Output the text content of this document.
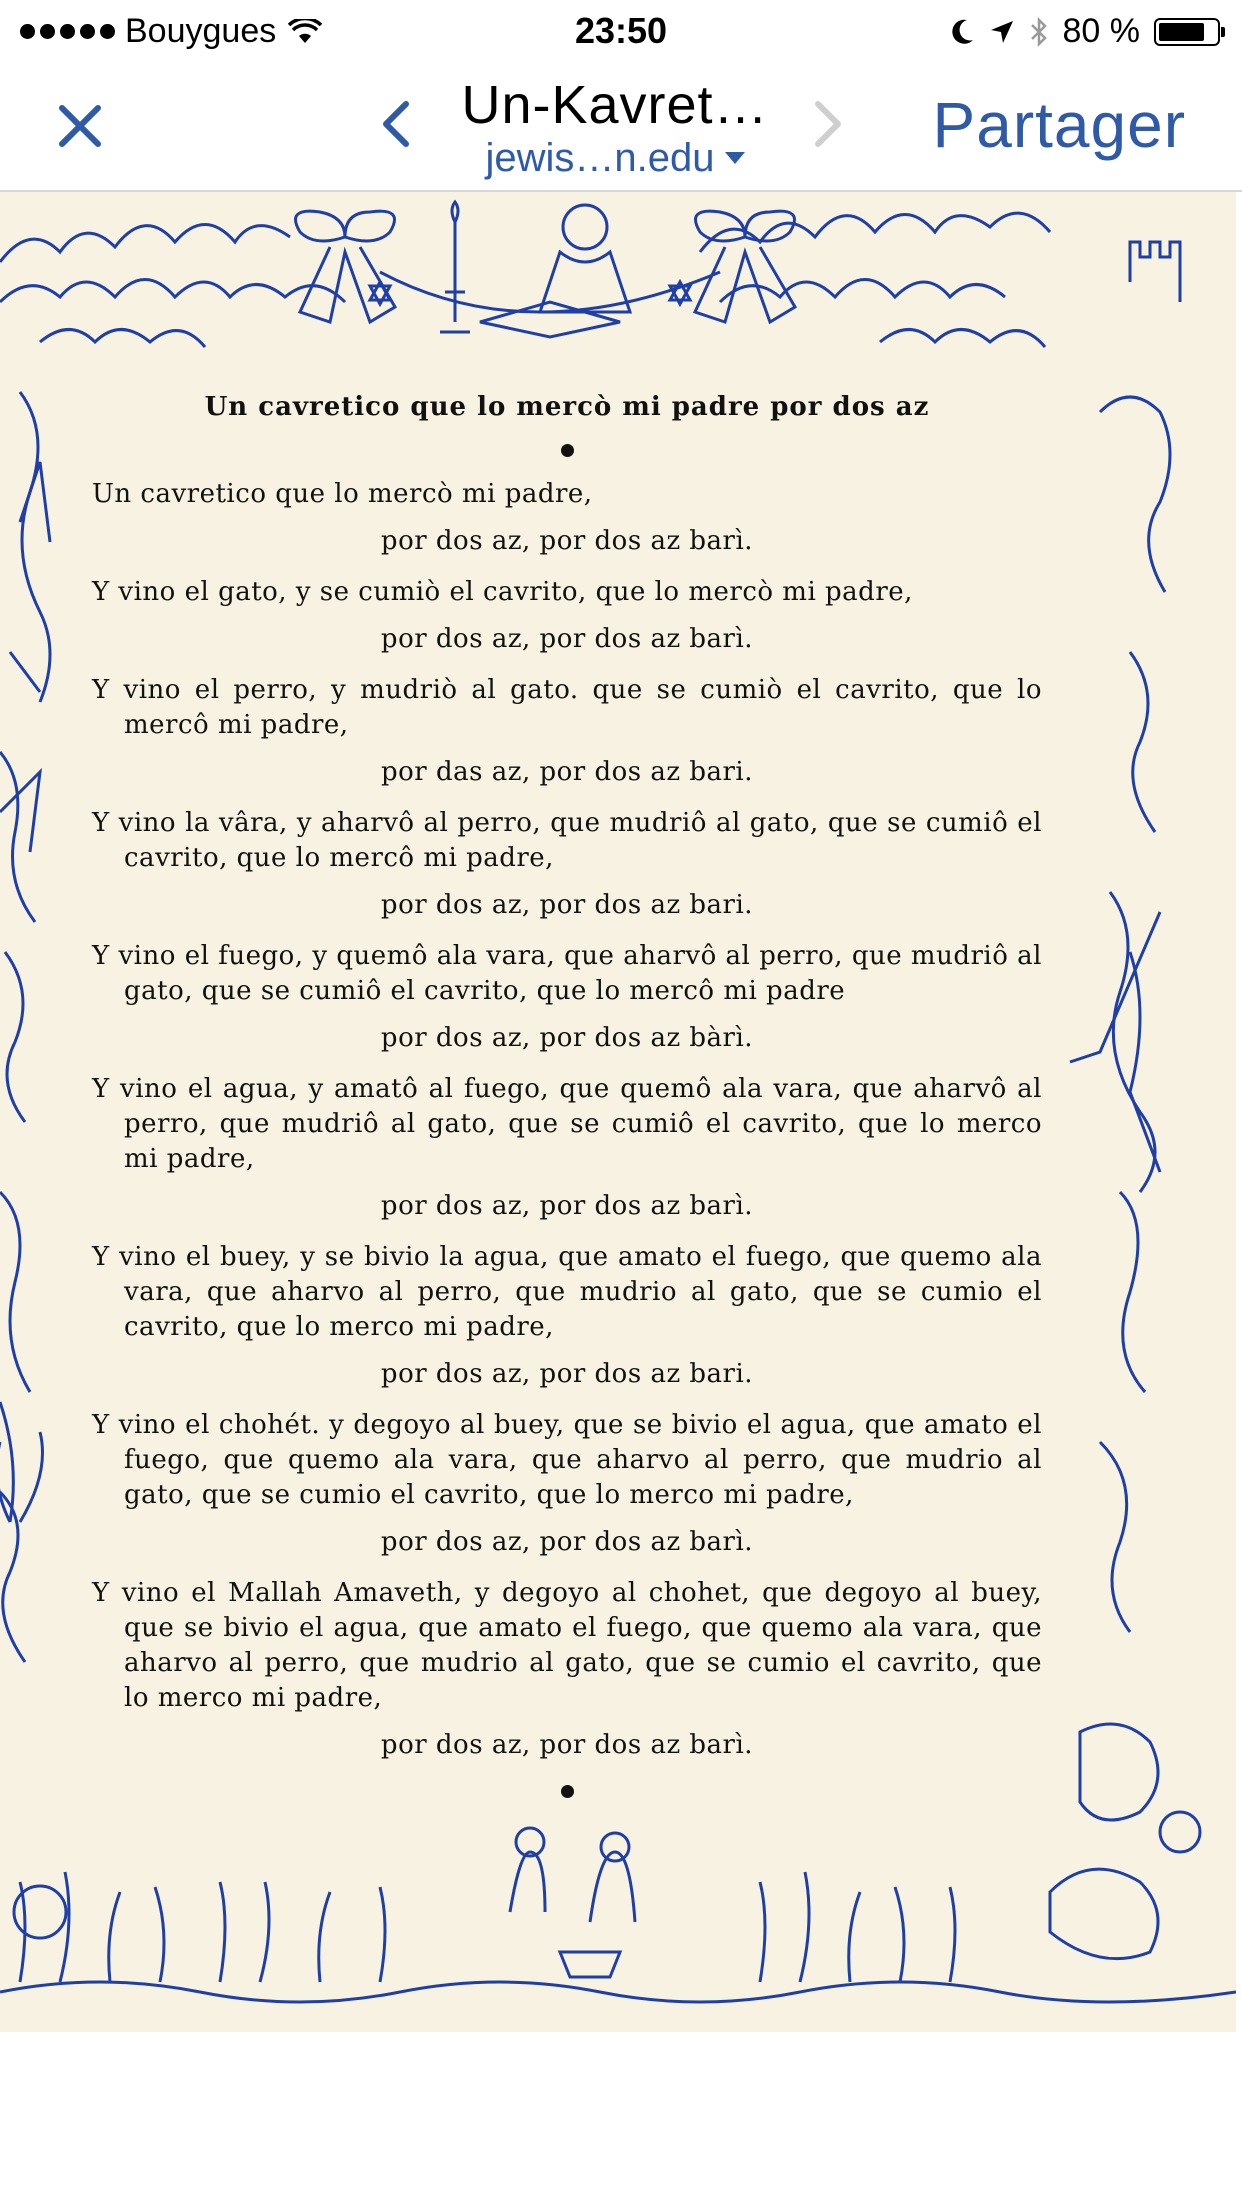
Bouygues	23:50	80 %
Un-Kavret…
jewis…n.edu	Partager
Un cavretico que lo mercò mi padre por dos az
Un cavretico que lo mercò mi padre,
por dos az, por dos az barì.
Y vino el gato, y se cumiò el cavrito, que lo mercò mi padre,
por dos az, por dos az barì.
Y vino el perro, y mudriò al gato. que se cumiò el cavrito, que lo mercô mi padre,
por das az, por dos az bari.
Y vino la vâra, y aharvô al perro, que mudriô al gato, que se cumiô el cavrito, que lo mercô mi padre,
por dos az, por dos az bari.
Y vino el fuego, y quemô ala vara, que aharvô al perro, que mudriô al gato, que se cumiô el cavrito, que lo mercô mi padre
por dos az, por dos az bàrì.
Y vino el agua, y amatô al fuego, que quemô ala vara, que aharvô al perro, que mudriô al gato, que se cumiô el cavrito, que lo merco mi padre,
por dos az, por dos az barì.
Y vino el buey, y se bivio la agua, que amato el fuego, que quemo ala vara, que aharvo al perro, que mudrio al gato, que se cumio el cavrito, que lo merco mi padre,
por dos az, por dos az bari.
Y vino el chohét. y degoyo al buey, que se bivio el agua, que amato el fuego, que quemo ala vara, que aharvo al perro, que mudrio al gato, que se cumio el cavrito, que lo merco mi padre,
por dos az, por dos az barì.
Y vino el Mallah Amaveth, y degoyo al chohet, que degoyo al buey, que se bivio el agua, que amato el fuego, que quemo ala vara, que aharvo al perro, que mudrio al gato, que se cumio el cavrito, que lo merco mi padre,
por dos az, por dos az barì.
